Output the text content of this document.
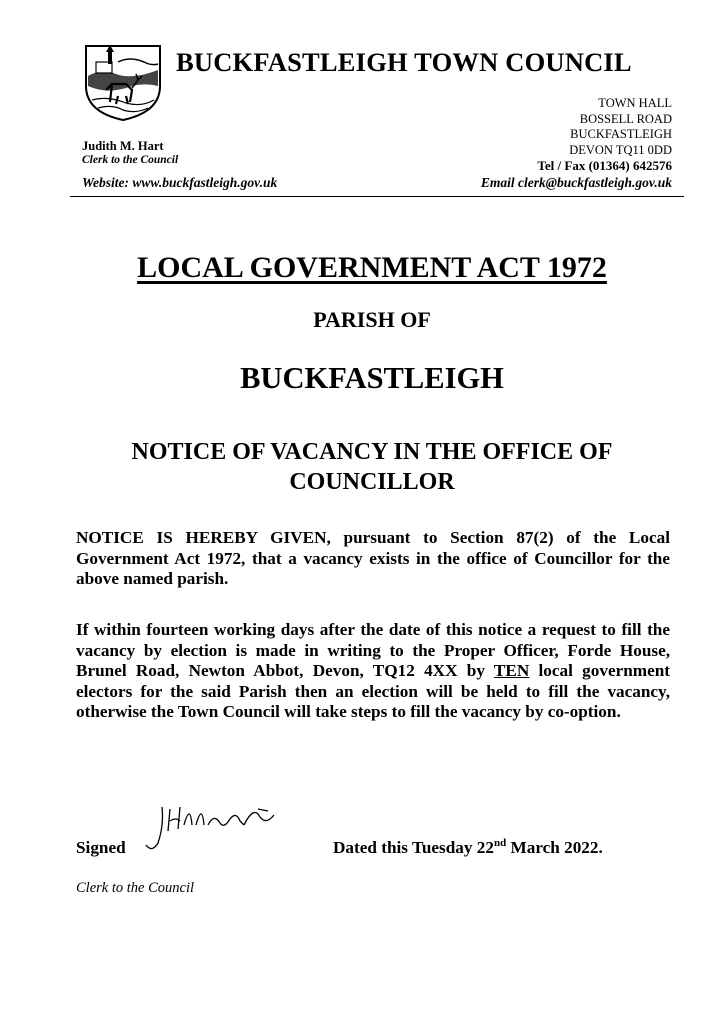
BUCKFASTLEIGH TOWN COUNCIL
TOWN HALL
BOSSELL ROAD
BUCKFASTLEIGH
DEVON TQ11 0DD
Tel / Fax (01364) 642576
Judith M. Hart
Clerk to the Council
Website: www.buckfastleigh.gov.uk	Email clerk@buckfastleigh.gov.uk
LOCAL GOVERNMENT ACT 1972
PARISH OF
BUCKFASTLEIGH
NOTICE OF VACANCY IN THE OFFICE OF COUNCILLOR
NOTICE IS HEREBY GIVEN, pursuant to Section 87(2) of the Local Government Act 1972, that a vacancy exists in the office of Councillor for the above named parish.
If within fourteen working days after the date of this notice a request to fill the vacancy by election is made in writing to the Proper Officer, Forde House, Brunel Road, Newton Abbot, Devon, TQ12 4XX by TEN local government electors for the said Parish then an election will be held to fill the vacancy, otherwise the Town Council will take steps to fill the vacancy by co-option.
Signed	Dated this Tuesday 22nd March 2022.
Clerk to the Council
